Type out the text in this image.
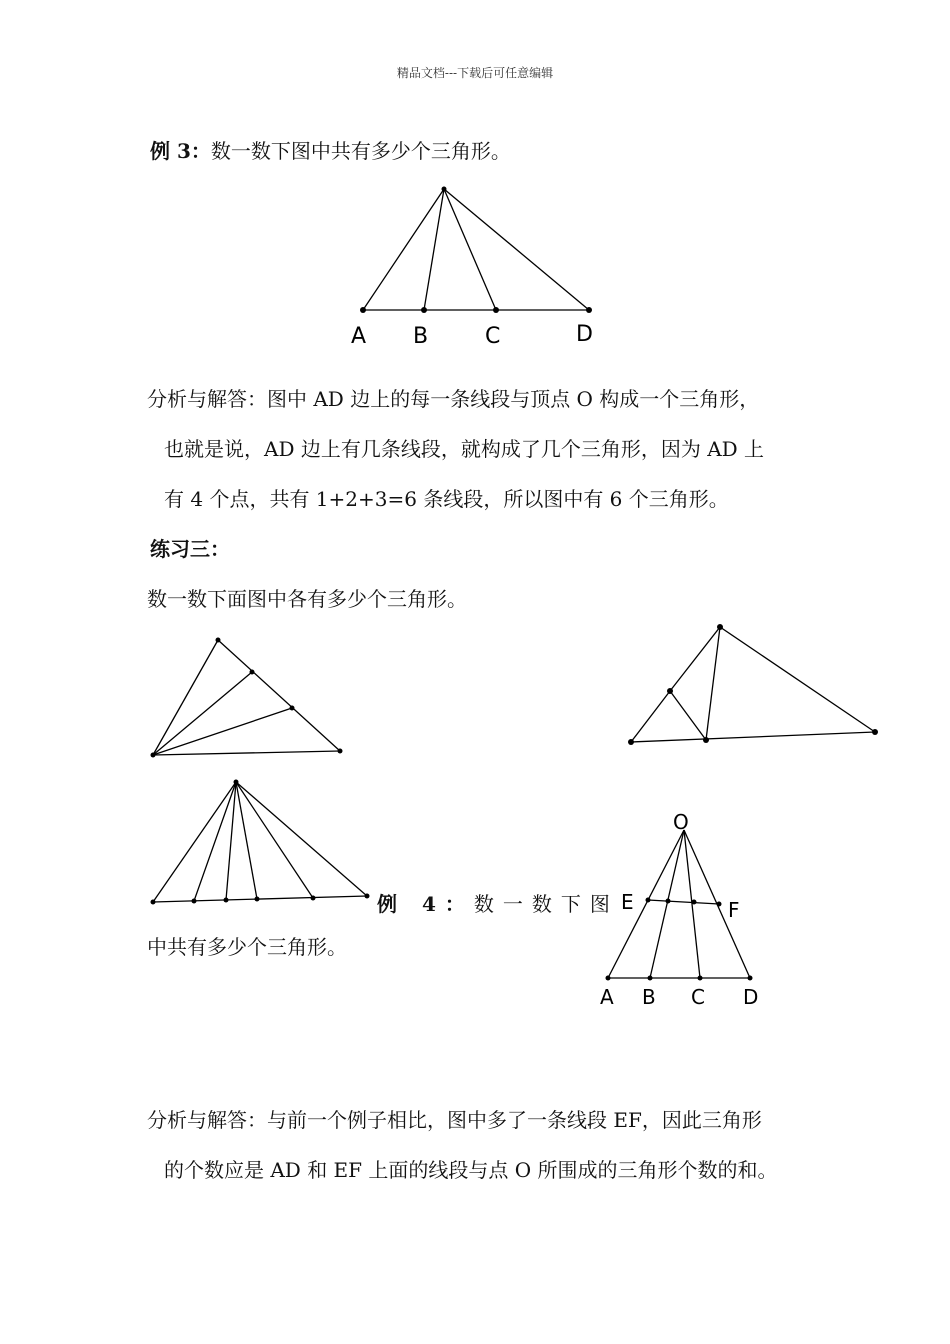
精品文档---下载后可任意编辑
例 3：数一数下图中共有多少个三角形。
A B	C	D
O
E	F
A B C D
分析与解答：图中 AD 边上的每一条线段与顶点 O 构成一个三角形，
也就是说，AD 边上有几条线段，就构成了几个三角形，因为 AD 上
有 4 个点，共有 1+2+3=6 条线段，所以图中有 6 个三角形。
练习三：
数一数下面图中各有多少个三角形。
例 4：数一数下图
中共有多少个三角形。
分析与解答：与前一个例子相比，图中多了一条线段 EF，因此三角形
的个数应是 AD 和 EF 上面的线段与点 O 所围成的三角形个数的和。
